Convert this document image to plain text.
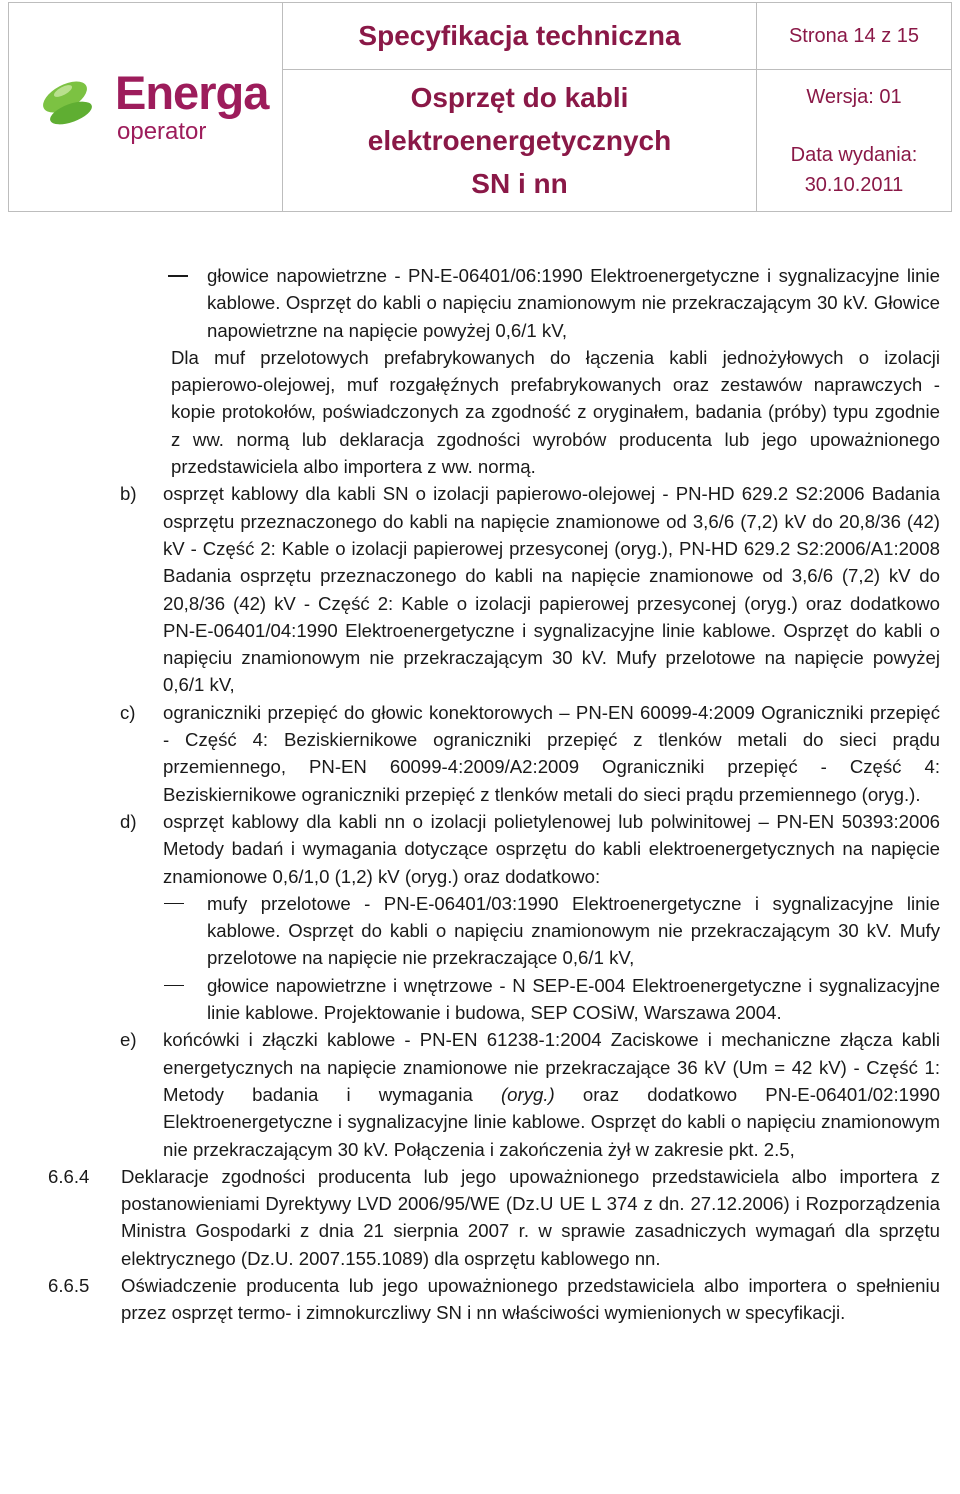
Energa
operator	Specyfikacja techniczna	Strona 14 z 15

	Osprzęt do kabli
elektroenergetycznych
SN i nn	Wersja: 01
Data wydania:
30.10.2011
głowice napowietrzne - PN-E-06401/06:1990 Elektroenergetyczne i sygnalizacyjne linie kablowe. Osprzęt do kabli o napięciu znamionowym nie przekraczającym 30 kV. Głowice napowietrzne na napięcie powyżej 0,6/1 kV,
Dla muf przelotowych prefabrykowanych do łączenia kabli jednożyłowych o izolacji papierowo-olejowej, muf rozgałęźnych prefabrykowanych oraz zestawów naprawczych - kopie protokołów, poświadczonych za zgodność z oryginałem, badania (próby) typu zgodnie z ww. normą lub deklaracja zgodności wyrobów producenta lub jego upoważnionego przedstawiciela albo importera z ww. normą.
b) osprzęt kablowy dla kabli SN o izolacji papierowo-olejowej - PN-HD 629.2 S2:2006 Badania osprzętu przeznaczonego do kabli na napięcie znamionowe od 3,6/6 (7,2) kV do 20,8/36 (42) kV - Część 2: Kable o izolacji papierowej przesyconej (oryg.), PN-HD 629.2 S2:2006/A1:2008 Badania osprzętu przeznaczonego do kabli na napięcie znamionowe od 3,6/6 (7,2) kV do 20,8/36 (42) kV - Część 2: Kable o izolacji papierowej przesyconej (oryg.) oraz dodatkowo PN-E-06401/04:1990 Elektroenergetyczne i sygnalizacyjne linie kablowe. Osprzęt do kabli o napięciu znamionowym nie przekraczającym 30 kV. Mufy przelotowe na napięcie powyżej 0,6/1 kV,
c) ograniczniki przepięć do głowic konektorowych – PN-EN 60099-4:2009 Ograniczniki przepięć - Część 4: Beziskiernikowe ograniczniki przepięć z tlenków metali do sieci prądu przemiennego, PN-EN 60099-4:2009/A2:2009 Ograniczniki przepięć - Część 4: Beziskiernikowe ograniczniki przepięć z tlenków metali do sieci prądu przemiennego (oryg.).
d) osprzęt kablowy dla kabli nn o izolacji polietylenowej lub polwinitowej – PN-EN 50393:2006 Metody badań i wymagania dotyczące osprzętu do kabli elektroenergetycznych na napięcie znamionowe 0,6/1,0 (1,2) kV (oryg.) oraz dodatkowo:
mufy przelotowe - PN-E-06401/03:1990 Elektroenergetyczne i sygnalizacyjne linie kablowe. Osprzęt do kabli o napięciu znamionowym nie przekraczającym 30 kV. Mufy przelotowe na napięcie nie przekraczające 0,6/1 kV,
głowice napowietrzne i wnętrzowe - N SEP-E-004 Elektroenergetyczne i sygnalizacyjne linie kablowe. Projektowanie i budowa, SEP COSiW, Warszawa 2004.
e) końcówki i złączki kablowe - PN-EN 61238-1:2004 Zaciskowe i mechaniczne złącza kabli energetycznych na napięcie znamionowe nie przekraczające 36 kV (Um = 42 kV) - Część 1: Metody badania i wymagania (oryg.) oraz dodatkowo PN-E-06401/02:1990 Elektroenergetyczne i sygnalizacyjne linie kablowe. Osprzęt do kabli o napięciu znamionowym nie przekraczającym 30 kV. Połączenia i zakończenia żył w zakresie pkt. 2.5,
6.6.4 Deklaracje zgodności producenta lub jego upoważnionego przedstawiciela albo importera z postanowieniami Dyrektywy LVD 2006/95/WE (Dz.U UE L 374 z dn. 27.12.2006) i Rozporządzenia Ministra Gospodarki z dnia 21 sierpnia 2007 r. w sprawie zasadniczych wymagań dla sprzętu elektrycznego (Dz.U. 2007.155.1089) dla osprzętu kablowego nn.
6.6.5 Oświadczenie producenta lub jego upoważnionego przedstawiciela albo importera o spełnieniu przez osprzęt termo- i zimnokurczliwy SN i nn właściwości wymienionych w specyfikacji.
